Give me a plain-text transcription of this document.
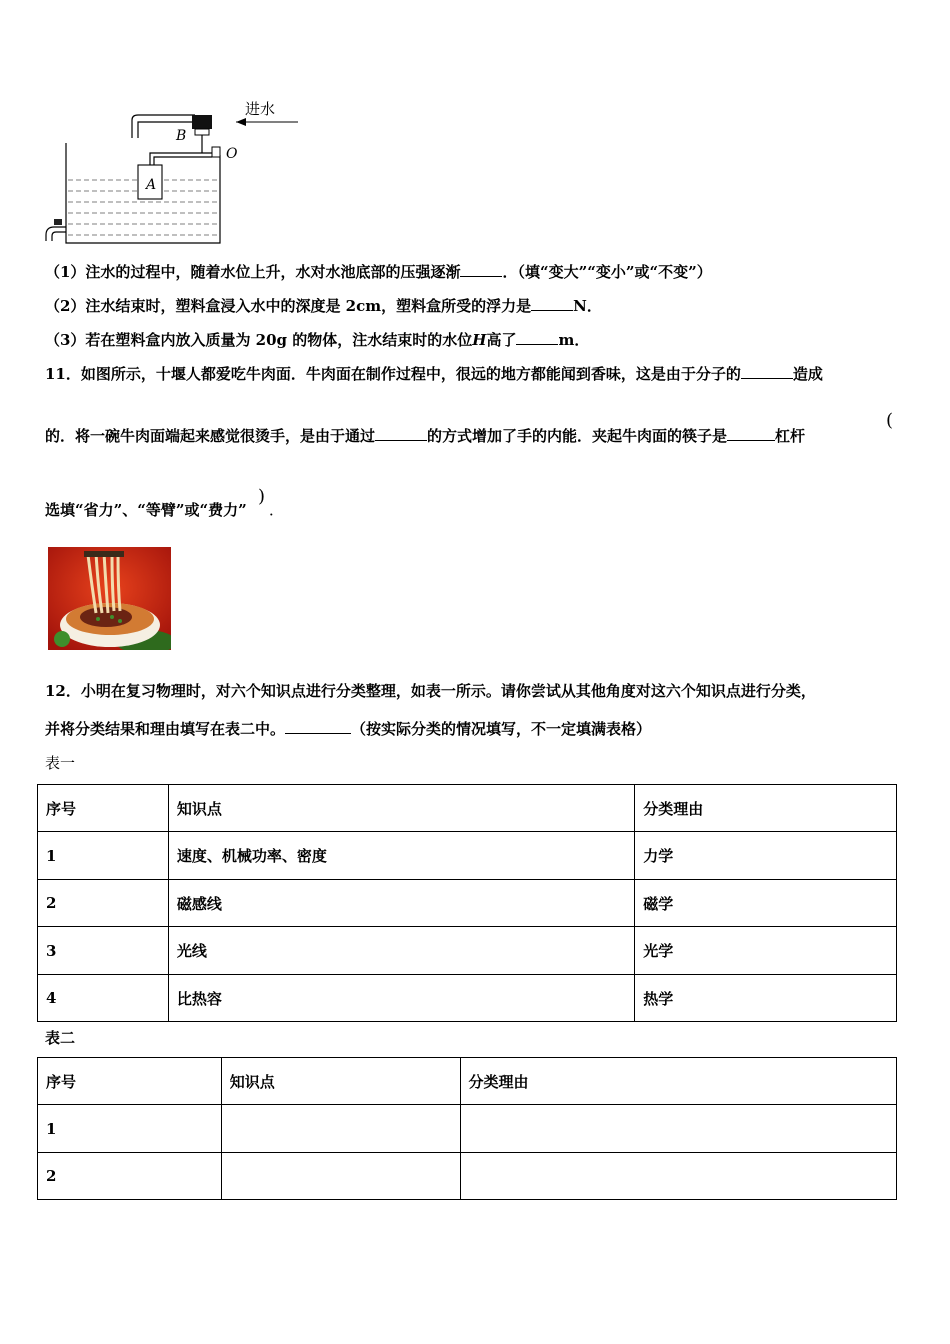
进水
B
O
A
（1）注水的过程中，随着水位上升，水对水池底部的压强逐渐	．（填“变大”“变小”或“不变”）
（2）注水结束时，塑料盒浸入水中的深度是 2cm，塑料盒所受的浮力是	N．
（3）若在塑料盒内放入质量为 20g 的物体，注水结束时的水位H高了	m．
11．如图所示，十堰人都爱吃牛肉面．牛肉面在制作过程中，很远的地方都能闻到香味，这是由于分子的	造成
的．将一碗牛肉面端起来感觉很烫手，是由于通过	的方式增加了手的内能．夹起牛肉面的筷子是	杠杆
(
选填“省力”、“等臂”或“费力”
)
．
12．小明在复习物理时，对六个知识点进行分类整理，如表一所示。请你尝试从其他角度对这六个知识点进行分类，
并将分类结果和理由填写在表二中。	（按实际分类的情况填写，不一定填满表格）
表一
序号	知识点	分类理由
1	速度、机械功率、密度	力学
2	磁感线	磁学
3	光线	光学
4	比热容	热学
表二
序号	知识点	分类理由
1		
2		
